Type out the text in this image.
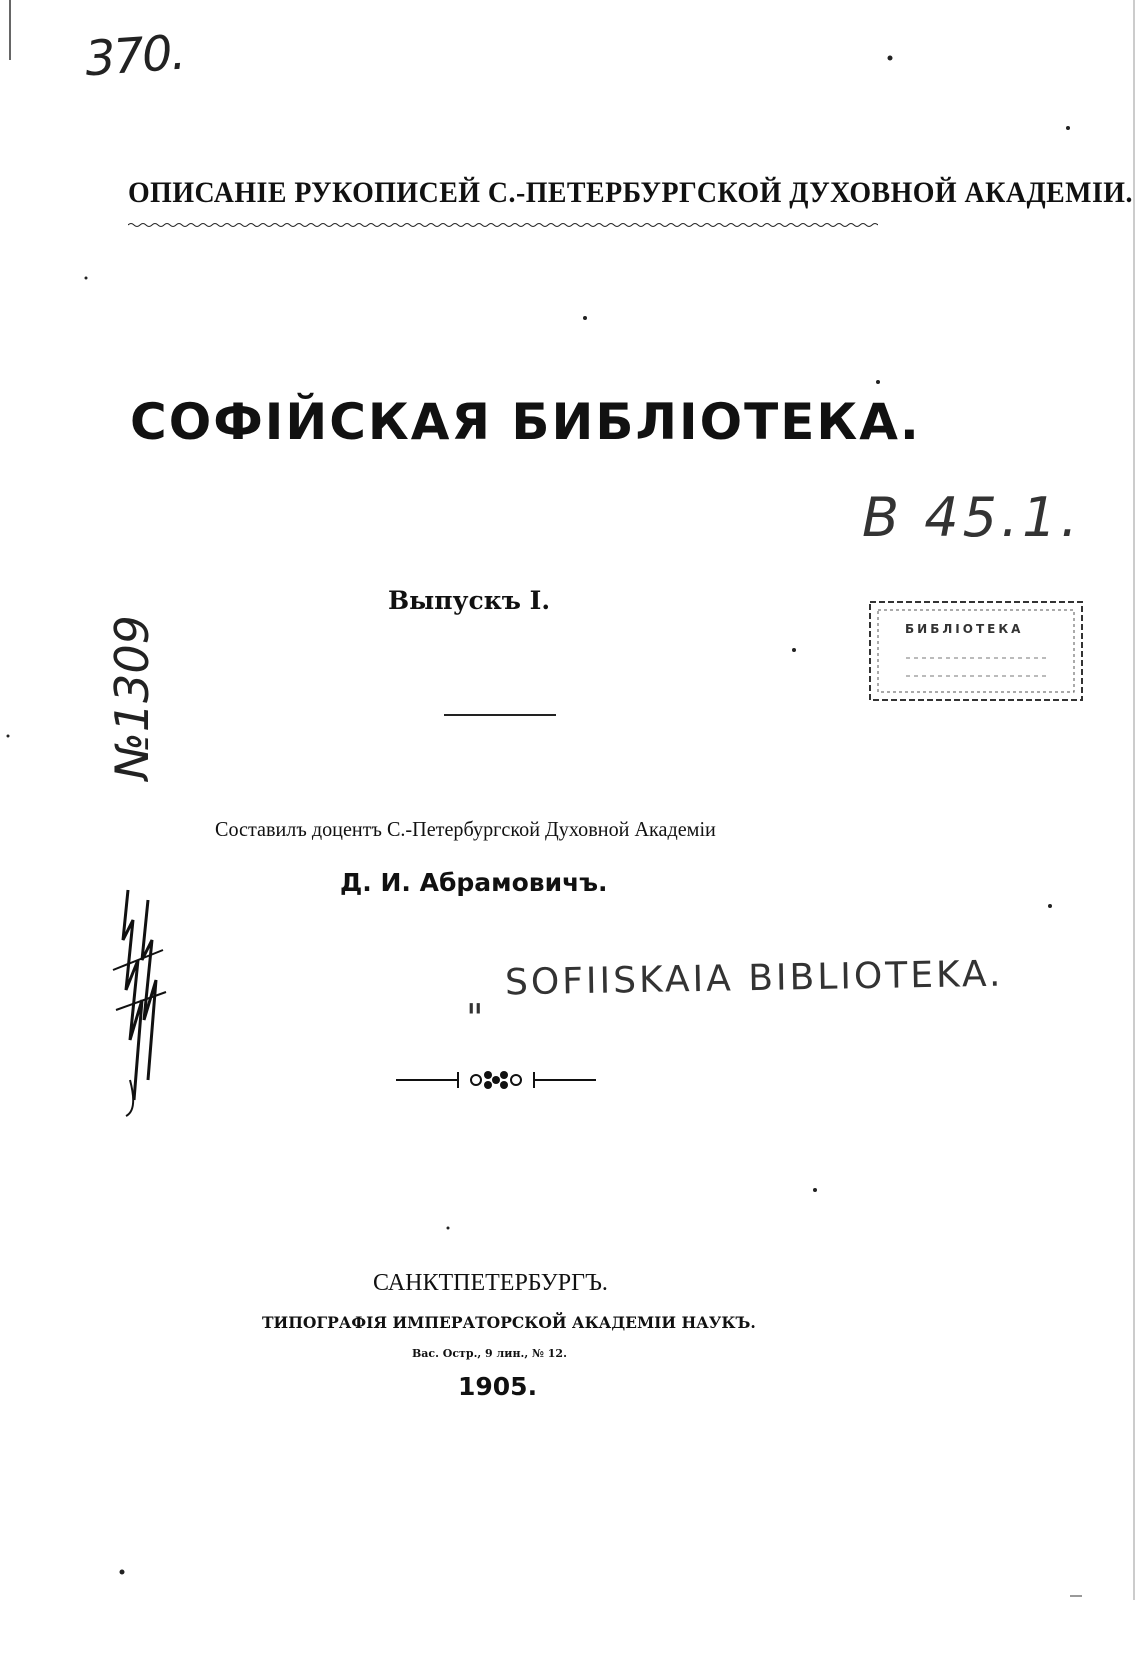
ОПИСАНІЕ РУКОПИСЕЙ С.-ПЕТЕРБУРГСКОЙ ДУХОВНОЙ АКАДЕМІИ.
СОФІЙСКАЯ БИБЛІОТЕКА.
Выпускъ I.
Составилъ доцентъ С.-Петербургской Духовной Академіи
Д. И. Абрамовичъ.
САНКТПЕТЕРБУРГЪ.
ТИПОГРАФІЯ ИМПЕРАТОРСКОЙ АКАДЕМІИ НАУКЪ.
Вас. Остр., 9 лин., № 12.
1905.
370.
№1309
В 45.1.
"
SOFIISKAIA BIBLIOTEKA.
БИБЛІОТЕКА
